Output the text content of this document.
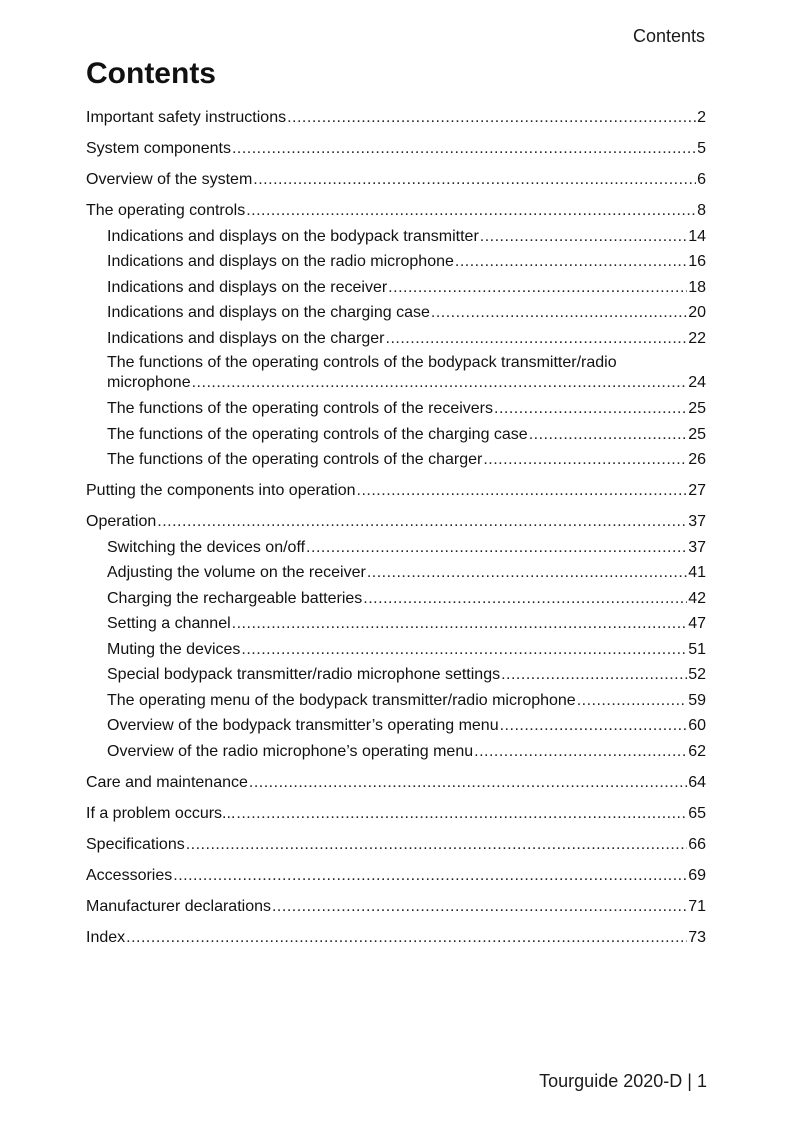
Contents
Contents
Important safety instructions .....	2
System components .....	5
Overview of the system .....	6
The operating controls .....	8
Indications and displays on the bodypack transmitter .....	14
Indications and displays on the radio microphone .....	16
Indications and displays on the receiver .....	18
Indications and displays on the charging case .....	20
Indications and displays on the charger .....	22
The functions of the operating controls of the bodypack transmitter/radio
microphone .....	24
The functions of the operating controls of the receivers .....	25
The functions of the operating controls of the charging case .....	25
The functions of the operating controls of the charger .....	26
Putting the components into operation .....	27
Operation .....	37
Switching the devices on/off .....	37
Adjusting the volume on the receiver .....	41
Charging the rechargeable batteries .....	42
Setting a channel .....	47
Muting the devices .....	51
Special bodypack transmitter/radio microphone settings .....	52
The operating menu of the bodypack transmitter/radio microphone .....	59
Overview of the bodypack transmitter’s operating menu .....	60
Overview of the radio microphone’s operating menu .....	62
Care and maintenance .....	64
If a problem occurs... .....	65
Specifications .....	66
Accessories .....	69
Manufacturer declarations .....	71
Index .....	73
Tourguide 2020-D | 1
